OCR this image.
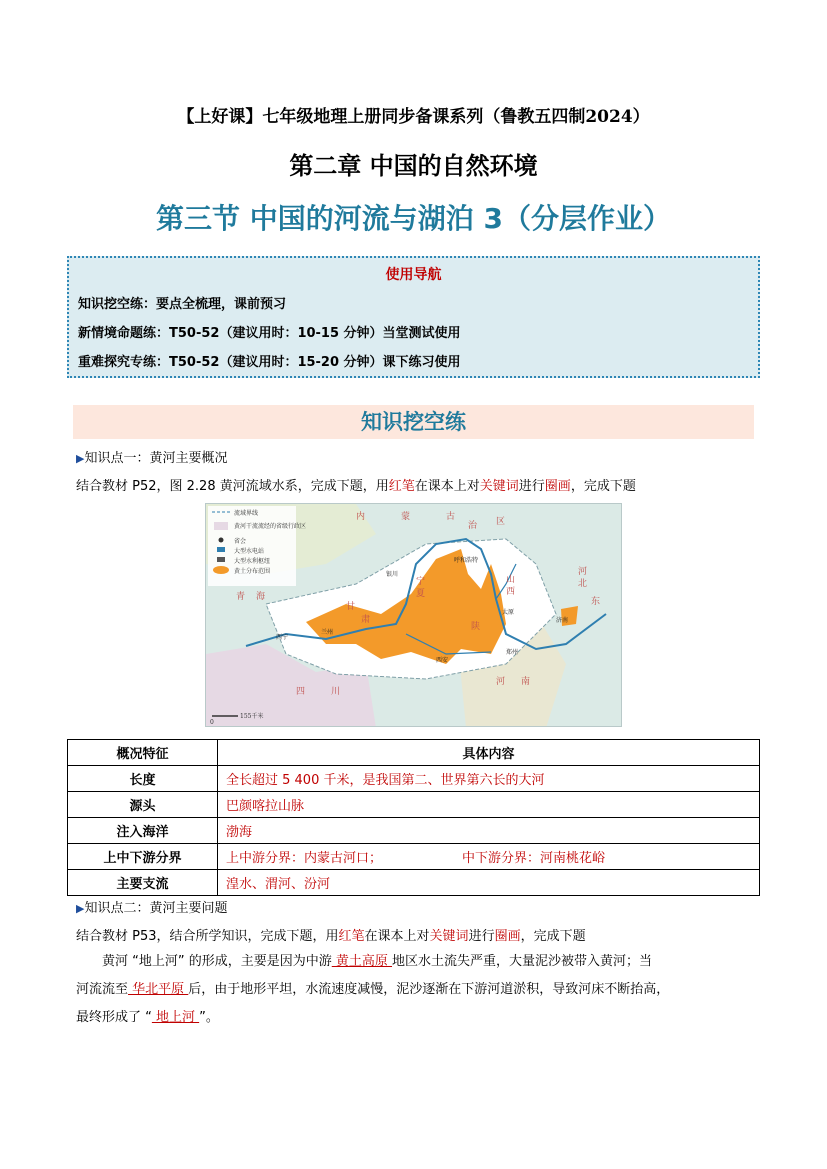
【上好课】七年级地理上册同步备课系列（鲁教五四制2024）
第二章 中国的自然环境
第三节 中国的河流与湖泊 3（分层作业）
使用导航
知识挖空练：要点全梳理，课前预习
新情境命题练：T50-52（建议用时：10-15 分钟）当堂测试使用
重难探究专练：T50-52（建议用时：15-20 分钟）课下练习使用
知识挖空练
▶知识点一：黄河主要概况
结合教材 P52，图 2.28 黄河流域水系，完成下题，用红笔在课本上对关键词进行圈画，完成下题
流域界线
黄河干流流经的省级行政区
省会
大型水电站
大型水利枢纽
黄土分布范围
内	蒙	古
治 区
河
北
东
山
西
宁
夏
陕
甘
肃
青 海
四	川
河 南
呼和浩特
西宁
兰州
银川
太原
郑州
济南
西安
0
155千米
概况特征	具体内容
长度	全长超过 5 400 千米，是我国第二、世界第六长的大河
源头	巴颜喀拉山脉
注入海洋	渤海
上中下游分界	上中游分界：内蒙古河口； 中下游分界：河南桃花峪
主要支流	湟水、渭河、汾河
▶知识点二：黄河主要问题
结合教材 P53，结合所学知识，完成下题，用红笔在课本上对关键词进行圈画，完成下题
黄河 “地上河” 的形成，主要是因为中游 黄土高原 地区水土流失严重，大量泥沙被带入黄河；当
河流流至 华北平原 后，由于地形平坦，水流速度减慢，泥沙逐渐在下游河道淤积，导致河床不断抬高，
最终形成了 “ 地上河 ”。
